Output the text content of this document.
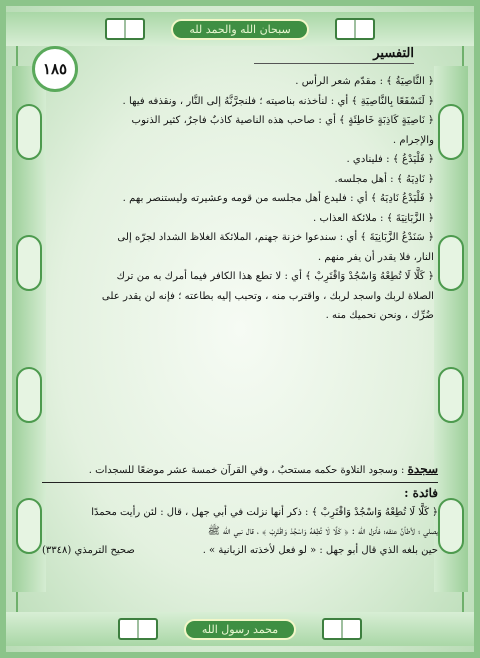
سبحان الله والحمد لله
١٨٥
التفسير
﴿ النَّاصِيَةُ ﴾ : مقدّم شعر الرأس .
﴿ لَنَسْفَعًا بِالنَّاصِيَةِ ﴾ أي : لنأخذنه بناصيته ؛ فلنجرَّنَّهُ إلى النَّار ، ونقذفه فيها .
﴿ نَاصِيَةٍ كَاذِبَةٍ خَاطِئَةٍ ﴾ أي : صاحب هذه الناصية كاذبٌ فاجرٌ، كثير الذنوب
والإجرام .
﴿ فَلْيَدْعُ ﴾ : فلينادي .
﴿ نَادِيَهُ ﴾ : أهل مجلسه.
﴿ فَلْيَدْعُ نَادِيَهُ ﴾ أي : فليدع أهل مجلسه من قومه وعشيرته وليستنصر بهم .
﴿ الزَّبَانِيَةَ ﴾ : ملائكة العذاب .
﴿ سَنَدْعُ الزَّبَانِيَةَ ﴾ أي : سندعوا خزنة جهنم، الملائكة الغلاظ الشداد لجرّه إلى
النار، فلا يقدر أن يفر منهم .
﴿ كَلَّا لَا تُطِعْهُ وَاسْجُدْ وَاقْتَرِبْ ﴾ أي : لا تطع هذا الكافر فيما أمرك به من ترك
الصلاة لربك واسجد لربك ، واقترب منه ، وتحبب إليه بطاعته ؛ فإنه لن يقدر على
ضُرِّك ، ونحن نحميك منه .
سجدة : وسجود التلاوة حكمه مستحبٌ ، وفي القرآن خمسة عشر موضعًا للسجدات .
فائدة :
﴿ كَلَّا لَا تُطِعْهُ وَاسْجُدْ وَاقْتَرِبْ ﴾ : ذكر أنها نزلت في أبي جهل ، قال : لئن رأيت محمدًا
يصلي ؛ لأطأنَّ عنقه؛ فأنزل الله : ﴿ كَلَّا لَا تُطِعْهُ وَاسْجُدْ وَاقْتَرِبْ ﴾ ، قال نبي الله ﷺ
حين بلغه الذي قال أبو جهل : « لو فعل لأخذته الزبانية » .
صحيح الترمذي (٣٣٤٨)
محمد رسول الله
